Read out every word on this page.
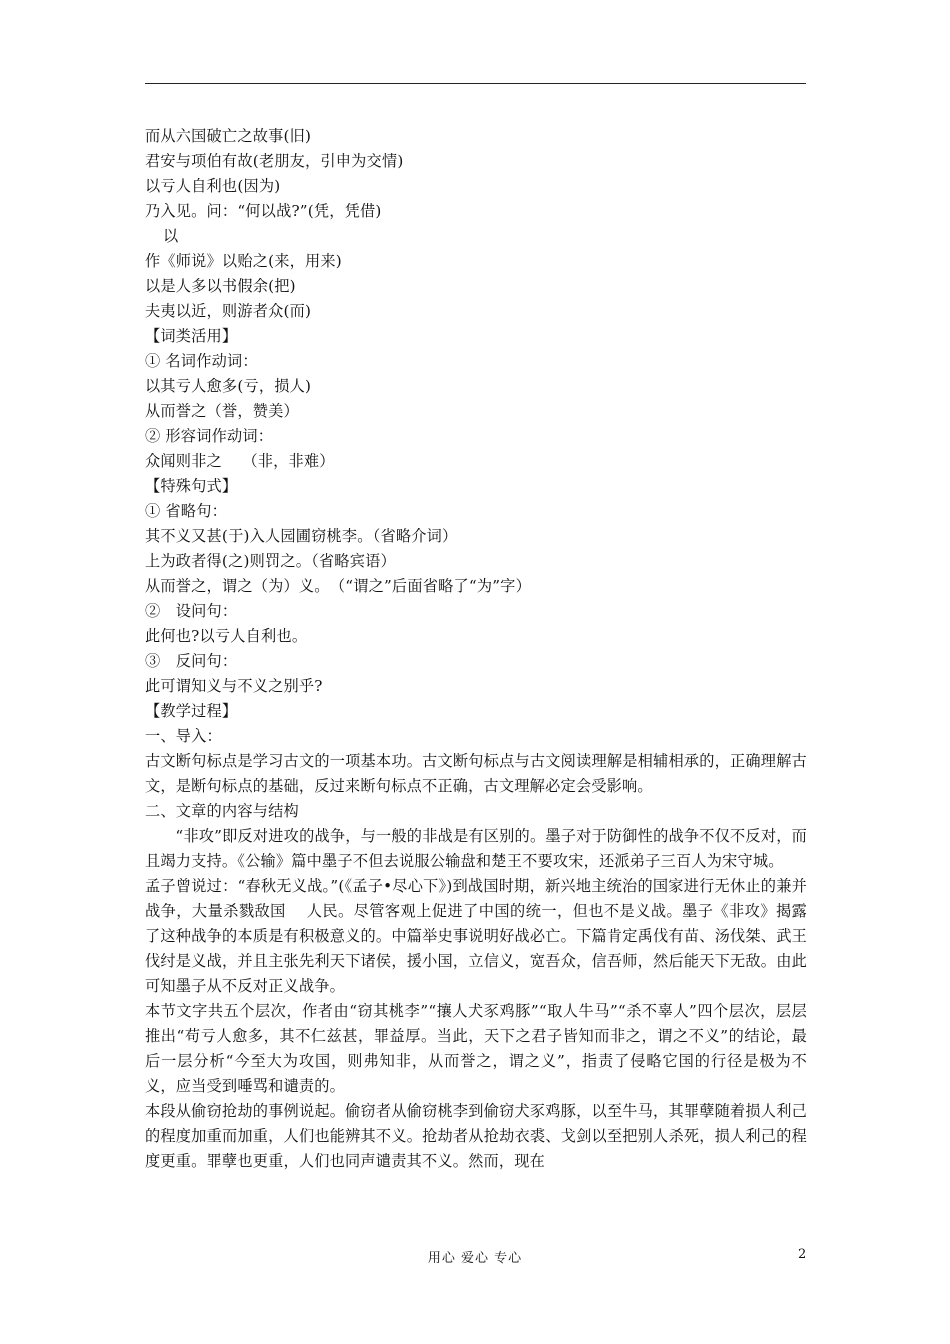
而从六国破亡之故事(旧)
君安与项伯有故(老朋友，引申为交情)
以亏人自利也(因为)
乃入见。问：“何以战?”(凭，凭借)
以
作《师说》以贻之(来，用来)
以是人多以书假余(把)
夫夷以近，则游者众(而)
【词类活用】
① 名词作动词：
以其亏人愈多(亏，损人)
从而誉之（誉，赞美）
② 形容词作动词：
众闻则非之　 （非，非难）
【特殊句式】
① 省略句：
其不义又甚(于)入人园圃窃桃李。（省略介词）
上为政者得(之)则罚之。（省略宾语）
从而誉之，谓之（为）义。　（“谓之”后面省略了“为”字）
②　设问句：
此何也?以亏人自利也。
③　反问句：
此可谓知义与不义之别乎?
【教学过程】
一、导入：
古文断句标点是学习古文的一项基本功。古文断句标点与古文阅读理解是相辅相承的，正确理解古文，是断句标点的基础，反过来断句标点不正确，古文理解必定会受影响。
二、文章的内容与结构
“非攻”即反对进攻的战争，与一般的非战是有区别的。墨子对于防御性的战争不仅不反对，而且竭力支持。《公输》篇中墨子不但去说服公输盘和楚王不要攻宋，还派弟子三百人为宋守城。
孟子曾说过：“春秋无义战。”(《孟子•尽心下》)到战国时期，新兴地主统治的国家进行无休止的兼并战争，大量杀戮敌国　 人民。尽管客观上促进了中国的统一，但也不是义战。墨子《非攻》揭露了这种战争的本质是有积极意义的。中篇举史事说明好战必亡。下篇肯定禹伐有苗、汤伐桀、武王伐纣是义战，并且主张先利天下诸侯，援小国，立信义，宽吾众，信吾师，然后能天下无敌。由此可知墨子从不反对正义战争。
本节文字共五个层次，作者由“窃其桃李”“攘人犬豕鸡豚”“取人牛马”“杀不辜人”四个层次，层层推出“苟亏人愈多，其不仁兹甚，罪益厚。当此，天下之君子皆知而非之，谓之不义”的结论，最后一层分析“今至大为攻国，则弗知非，从而誉之，谓之义”，指责了侵略它国的行径是极为不义，应当受到唾骂和谴责的。
本段从偷窃抢劫的事例说起。偷窃者从偷窃桃李到偷窃犬豕鸡豚，以至牛马，其罪孽随着损人利己的程度加重而加重，人们也能辨其不义。抢劫者从抢劫衣裘、戈剑以至把别人杀死，损人利己的程度更重。罪孽也更重，人们也同声谴责其不义。然而，现在
用心 爱心 专心	2
